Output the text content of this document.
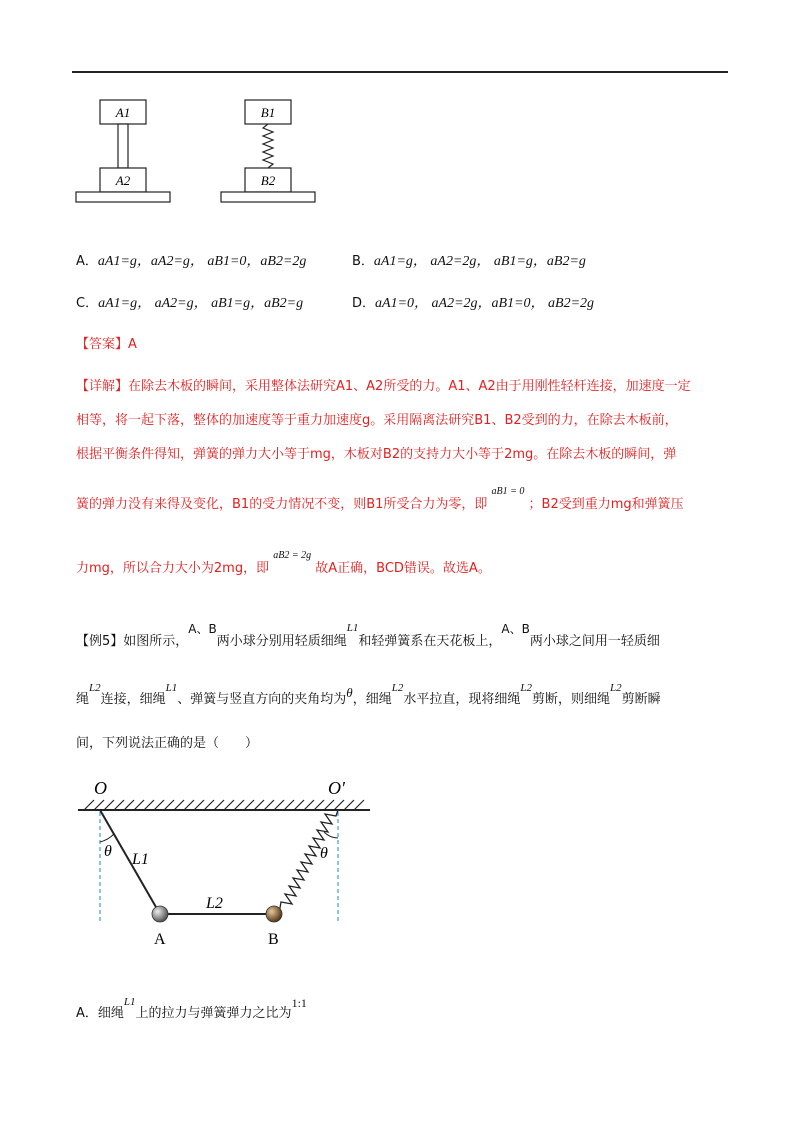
A1
A2
B1
B2
A．aA1=g，aA2=g， aB1=0，aB2=2g	B．aA1=g， aA2=2g， aB1=g，aB2=g
C．aA1=g， aA2=g， aB1=g，aB2=g	D．aA1=0， aA2=2g，aB1=0， aB2=2g
【答案】A
【详解】在除去木板的瞬间，采用整体法研究A1、A2所受的力。A1、A2由于用刚性轻杆连接，加速度一定
相等，将一起下落，整体的加速度等于重力加速度g。采用隔离法研究B1、B2受到的力，在除去木板前，
根据平衡条件得知，弹簧的弹力大小等于mg，木板对B2的支持力大小等于2mg。在除去木板的瞬间，弹
簧的弹力没有来得及变化，B1的受力情况不变，则B1所受合力为零，即 $^{aB1 = 0}$ ；B2受到重力mg和弹簧压
力mg，所以合力大小为2mg，即 $^{aB2 = 2g}$ 故A正确，BCD错误。故选A。
【例5】如图所示，A、B两小球分别用轻质细绳$^{L1}$和轻弹簧系在天花板上，A、B两小球之间用一轻质细
绳$^{L2}$连接，细绳$^{L1}$、弹簧与竖直方向的夹角均为θ，细绳$^{L2}$水平拉直，现将细绳$^{L2}$剪断，则细绳$^{L2}$剪断瞬
间，下列说法正确的是（　　）
O	O′
θ	θ
L1
L2
A	B
A．细绳$^{L1}$上的拉力与弹簧弹力之比为1:1
